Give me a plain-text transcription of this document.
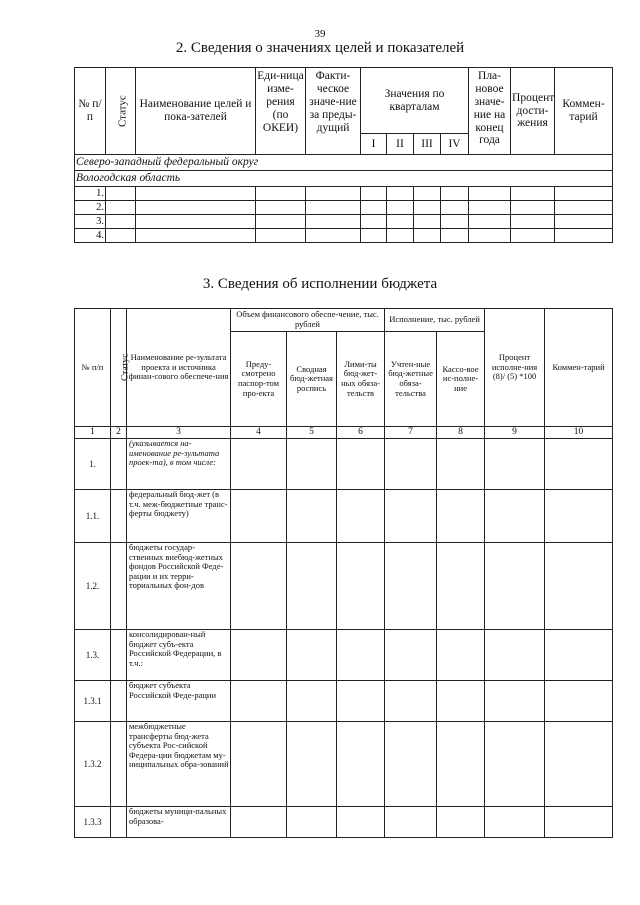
39
2. Сведения о значениях целей и показателей
№ п/п	Статус	Наименование целей и пока-зателей	Еди-ница изме-рения (по ОКЕИ)	Факти-ческое значе-ние за преды-дущий	Значения по кварталам				Пла-новое значе-ние на конец года	Процент дости-жения	Коммен-тарий
					I	II	III	IV			
Северо-западный федеральный округ											
Вологодская область											
1.											
2.											
3.											
4.											
3. Сведения об исполнении бюджета
№ п/п	Статус	Наименование ре-зультата проекта и источника финан-сового обеспече-ния	Объем финансового обеспе-чение, тыс. рублей			Исполнение, тыс. рублей		Процент исполне-ния (8)/ (5) *100	Коммен-тарий
			Преду-смотрено паспор-том про-екта	Сводная бюд-жетная роспись	Лими-ты бюд-жет-ных обяза-тельств	Учтен-ные бюд-жетные обяза-тельства	Кассо-вое ис-полне-ние		
1	2	3	4	5	6	7	8	9	10
1.		(указывается на-именование ре-зультата проек-та), в том числе:							
1.1.		федеральный бюд-жет (в т.ч. меж-бюджетные транс-ферты бюджету)							
1.2.		бюджеты государ-ственных внебюд-жетных фондов Российской Феде-рации и их терри-ториальных фон-дов							
1.3.		консолидирован-ный бюджет субъ-екта Российской Федерации, в т.ч.:							
1.3.1		бюджет субъекта Российской Феде-рации							
1.3.2		межбюджетные трансферты бюд-жета субъекта Рос-сийской Федера-ции бюджетам му-ниципальных обра-зований							
1.3.3		бюджеты муници-пальных образова-							
